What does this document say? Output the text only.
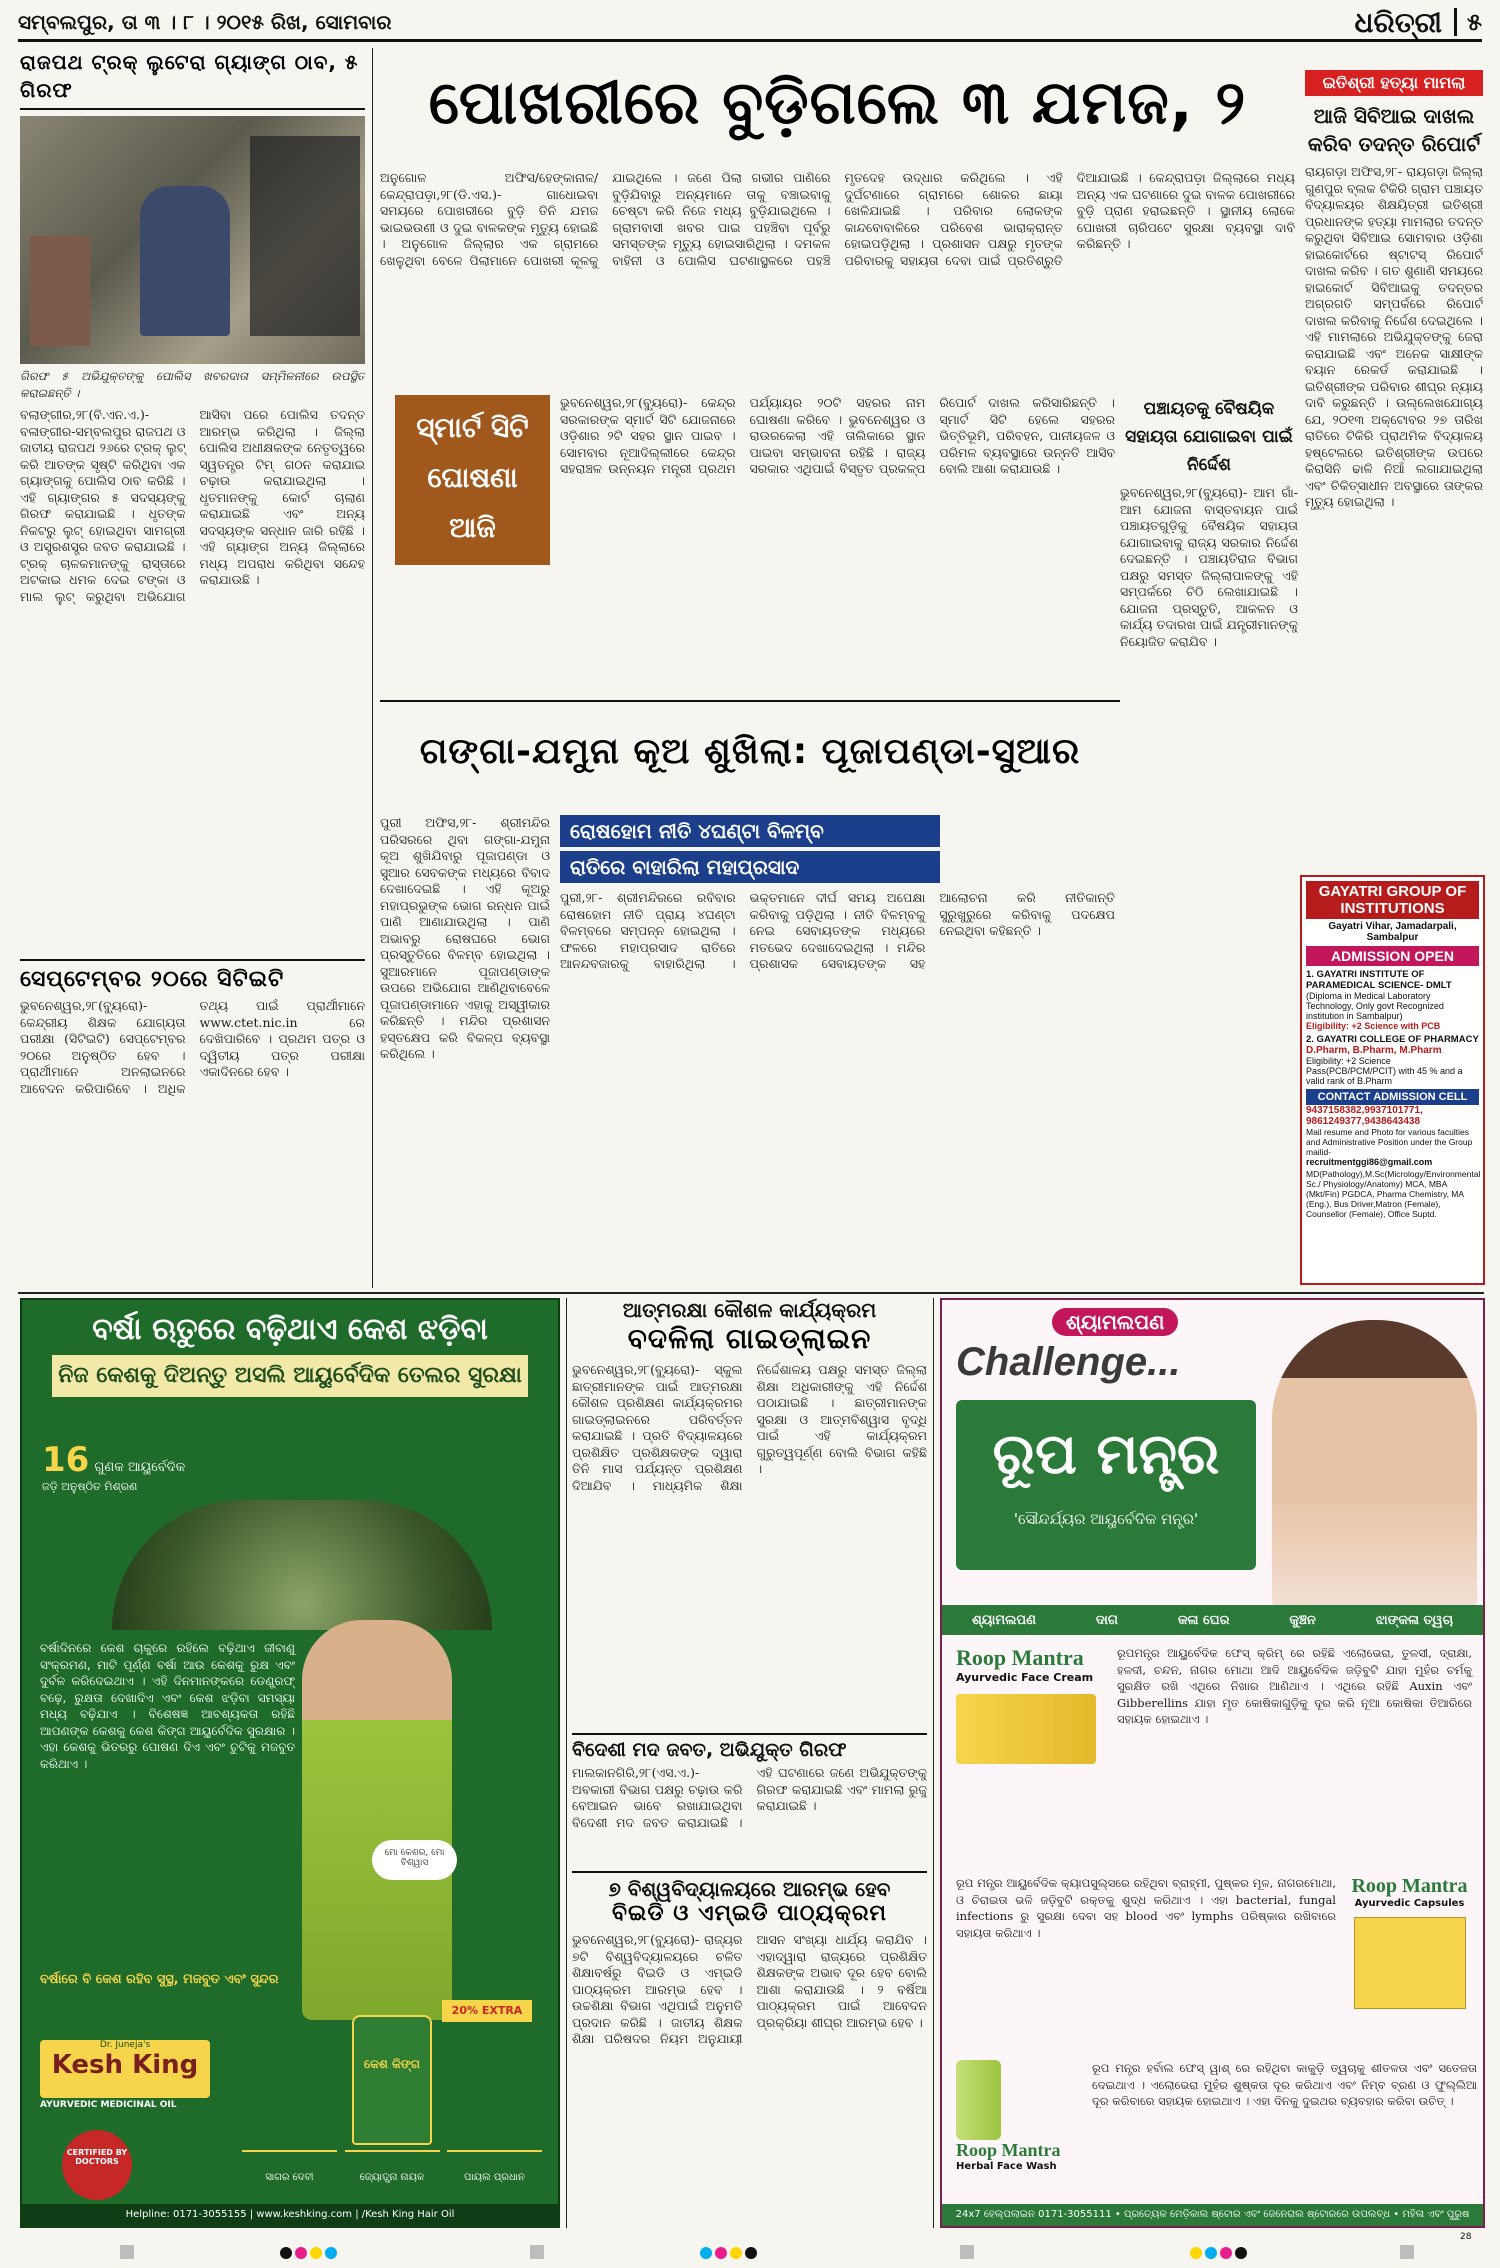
ସମ୍ବଲପୁର, ତା ୩ । ୮ । ୨୦୧୫ ରିଖ, ସୋମବାର	ଧରିତ୍ରୀ	୫
ରାଜପଥ ଟ୍ରକ୍ ଲୁଟେରା ଗ୍ୟାଙ୍ଗ ଠାବ, ୫ ଗିରଫ
ଗିରଫ ୫ ଅଭିଯୁକ୍ତଙ୍କୁ ପୋଲିସ ଖବରଦାତା ସମ୍ମିଳନୀରେ ଉପସ୍ଥିତ କରାଇଛନ୍ତି ।
ବଲାଙ୍ଗୀର,୨୮(ବି.ଏନ.ଏ.)- ବଳାଙ୍ଗୀର-ସମ୍ବଲପୁର ରାଜପଥ ଓ ଜାତୀୟ ରାଜପଥ ୨୬ରେ ଟ୍ରକ୍ ଲୁଟ୍ କରି ଆତଙ୍କ ସୃଷ୍ଟି କରିଥିବା ଏକ ଗ୍ୟାଙ୍ଗକୁ ପୋଲିସ ଠାବ କରିଛି । ଏହି ଗ୍ୟାଙ୍ଗର ୫ ସଦସ୍ୟଙ୍କୁ ଗିରଫ କରାଯାଇଛି । ଧୃତଙ୍କ ନିକଟରୁ ଲୁଟ୍ ହୋଇଥିବା ସାମଗ୍ରୀ ଓ ଅସ୍ତ୍ରଶସ୍ତ୍ର ଜବତ କରାଯାଇଛି । ଟ୍ରକ୍ ଚାଳକମାନଙ୍କୁ ରାସ୍ତାରେ ଅଟକାଇ ଧମକ ଦେଇ ଟଙ୍କା ଓ ମାଲ ଲୁଟ୍ କରୁଥିବା ଅଭିଯୋଗ ଆସିବା ପରେ ପୋଲିସ ତଦନ୍ତ ଆରମ୍ଭ କରିଥିଲା । ଜିଲ୍ଲା ପୋଲିସ ଅଧୀକ୍ଷକଙ୍କ ନେତୃତ୍ୱରେ ସ୍ୱତନ୍ତ୍ର ଟିମ୍ ଗଠନ କରାଯାଇ ଚଢ଼ାଉ କରାଯାଇଥିଲା । ଧୃତମାନଙ୍କୁ କୋର୍ଟ ଚାଲାଣ କରାଯାଇଛି ଏବଂ ଅନ୍ୟ ସଦସ୍ୟଙ୍କ ସନ୍ଧାନ ଜାରି ରହିଛି । ଏହି ଗ୍ୟାଙ୍ଗ ଅନ୍ୟ ଜିଲ୍ଲାରେ ମଧ୍ୟ ଅପରାଧ କରିଥିବା ସନ୍ଦେହ କରାଯାଉଛି ।
ସେପ୍ଟେମ୍ବର ୨୦ରେ ସିଟିଇଟି
ଭୁବନେଶ୍ୱର,୨୮(ବ୍ୟୁରୋ)- କେନ୍ଦ୍ରୀୟ ଶିକ୍ଷକ ଯୋଗ୍ୟତା ପରୀକ୍ଷା (ସିଟିଇଟି) ସେପ୍ଟେମ୍ବର ୨୦ରେ ଅନୁଷ୍ଠିତ ହେବ । ପ୍ରାର୍ଥୀମାନେ ଅନଲାଇନରେ ଆବେଦନ କରିପାରିବେ । ଅଧିକ ତଥ୍ୟ ପାଇଁ ପ୍ରାର୍ଥୀମାନେ www.ctet.nic.in ରେ ଦେଖିପାରିବେ । ପ୍ରଥମ ପତ୍ର ଓ ଦ୍ୱିତୀୟ ପତ୍ର ପରୀକ୍ଷା ଏକାଦିନରେ ହେବ ।
ପୋଖରୀରେ ବୁଡ଼ିଗଲେ ୩ ଯମଜ, ୨
ଅନୁଗୋଳ ଅଫିସ/ହେଙ୍କାନାଳ/କେନ୍ଦ୍ରାପଡ଼ା,୨୮(ଡି.ଏସ.)- ଗାଧୋଇବା ସମୟରେ ପୋଖରୀରେ ବୁଡ଼ି ତିନି ଯମଜ ଭାଇଭଉଣୀ ଓ ଦୁଇ ବାଳକଙ୍କ ମୃତ୍ୟୁ ହୋଇଛି । ଅନୁଗୋଳ ଜିଲ୍ଲାର ଏକ ଗ୍ରାମରେ ଖେଳୁଥିବା ବେଳେ ପିଲାମାନେ ପୋଖରୀ କୂଳକୁ ଯାଇଥିଲେ । ଜଣେ ପିଲା ଗଭୀର ପାଣିରେ ବୁଡ଼ିଯିବାରୁ ଅନ୍ୟମାନେ ତାକୁ ବଞ୍ଚାଇବାକୁ ଚେଷ୍ଟା କରି ନିଜେ ମଧ୍ୟ ବୁଡ଼ିଯାଇଥିଲେ । ଗ୍ରାମବାସୀ ଖବର ପାଇ ପହଞ୍ଚିବା ପୂର୍ବରୁ ସମସ୍ତଙ୍କ ମୃତ୍ୟୁ ହୋଇସାରିଥିଲା । ଦମକଳ ବାହିନୀ ଓ ପୋଲିସ ଘଟଣାସ୍ଥଳରେ ପହଞ୍ଚି ମୃତଦେହ ଉଦ୍ଧାର କରିଥିଲେ । ଏହି ଦୁର୍ଘଟଣାରେ ଗ୍ରାମରେ ଶୋକର ଛାୟା ଖେଳିଯାଇଛି । ପରିବାର ଲୋକଙ୍କ କାନ୍ଦବୋବାଳିରେ ପରିବେଶ ଭାରାକ୍ରାନ୍ତ ହୋଇପଡ଼ିଥିଲା । ପ୍ରଶାସନ ପକ୍ଷରୁ ମୃତଙ୍କ ପରିବାରକୁ ସହାୟତା ଦେବା ପାଇଁ ପ୍ରତିଶ୍ରୁତି ଦିଆଯାଇଛି । କେନ୍ଦ୍ରାପଡ଼ା ଜିଲ୍ଲାରେ ମଧ୍ୟ ଅନ୍ୟ ଏକ ଘଟଣାରେ ଦୁଇ ବାଳକ ପୋଖରୀରେ ବୁଡ଼ି ପ୍ରାଣ ହରାଇଛନ୍ତି । ସ୍ଥାନୀୟ ଲୋକେ ପୋଖରୀ ଚାରିପଟେ ସୁରକ୍ଷା ବ୍ୟବସ୍ଥା ଦାବି କରିଛନ୍ତି ।
ସ୍ମାର୍ଟ ସିଟି ଘୋଷଣା ଆଜି
ଭୁବନେଶ୍ୱର,୨୮(ବ୍ୟୁରୋ)- କେନ୍ଦ୍ର ସରକାରଙ୍କ ସ୍ମାର୍ଟ ସିଟି ଯୋଜନାରେ ଓଡ଼ିଶାର ୨ଟି ସହର ସ୍ଥାନ ପାଇବ । ସୋମବାର ନୂଆଦିଲ୍ଲୀରେ କେନ୍ଦ୍ର ସହରାଞ୍ଚଳ ଉନ୍ନୟନ ମନ୍ତ୍ରୀ ପ୍ରଥମ ପର୍ଯ୍ୟାୟର ୨୦ଟି ସହରର ନାମ ଘୋଷଣା କରିବେ । ଭୁବନେଶ୍ୱର ଓ ରାଉରକେଲା ଏହି ତାଲିକାରେ ସ୍ଥାନ ପାଇବା ସମ୍ଭାବନା ରହିଛି । ରାଜ୍ୟ ସରକାର ଏଥିପାଇଁ ବିସ୍ତୃତ ପ୍ରକଳ୍ପ ରିପୋର୍ଟ ଦାଖଲ କରିସାରିଛନ୍ତି । ସ୍ମାର୍ଟ ସିଟି ହେଲେ ସହରର ଭିତ୍ତିଭୂମି, ପରିବହନ, ପାନୀୟଜଳ ଓ ପରିମଳ ବ୍ୟବସ୍ଥାରେ ଉନ୍ନତି ଆସିବ ବୋଲି ଆଶା କରାଯାଉଛି ।
ପଞ୍ଚାୟତକୁ ବୈଷୟିକ ସହାୟତା ଯୋଗାଇବା ପାଇଁ ନିର୍ଦ୍ଦେଶ
ଭୁବନେଶ୍ୱର,୨୮(ବ୍ୟୁରୋ)- ଆମ ଗାଁ-ଆମ ଯୋଜନା ବାସ୍ତବାୟନ ପାଇଁ ପଞ୍ଚାୟତଗୁଡ଼ିକୁ ବୈଷୟିକ ସହାୟତା ଯୋଗାଇବାକୁ ରାଜ୍ୟ ସରକାର ନିର୍ଦ୍ଦେଶ ଦେଇଛନ୍ତି । ପଞ୍ଚାୟତିରାଜ ବିଭାଗ ପକ୍ଷରୁ ସମସ୍ତ ଜିଲ୍ଲାପାଳଙ୍କୁ ଏହି ସମ୍ପର୍କରେ ଚିଠି ଲେଖାଯାଇଛି । ଯୋଜନା ପ୍ରସ୍ତୁତି, ଆକଳନ ଓ କାର୍ଯ୍ୟ ତଦାରଖ ପାଇଁ ଯନ୍ତ୍ରୀମାନଙ୍କୁ ନିୟୋଜିତ କରାଯିବ ।
ଗଙ୍ଗା-ଯମୁନା କୂଅ ଶୁଖିଲା: ପୂଜାପଣ୍ଡା-ସୁଆର
ପୁରୀ ଅଫିସ,୨୮- ଶ୍ରୀମନ୍ଦିର ପରିସରରେ ଥିବା ଗଙ୍ଗା-ଯମୁନା କୂଅ ଶୁଖିଯିବାରୁ ପୂଜାପଣ୍ଡା ଓ ସୁଆର ସେବକଙ୍କ ମଧ୍ୟରେ ବିବାଦ ଦେଖାଦେଇଛି । ଏହି କୂଅରୁ ମହାପ୍ରଭୁଙ୍କ ଭୋଗ ରନ୍ଧନ ପାଇଁ ପାଣି ଆଣାଯାଉଥିଲା । ପାଣି ଅଭାବରୁ ରୋଷଘରେ ଭୋଗ ପ୍ରସ୍ତୁତିରେ ବିଳମ୍ବ ହୋଇଥିଲା । ସୁଆରମାନେ ପୂଜାପଣ୍ଡାଙ୍କ ଉପରେ ଅଭିଯୋଗ ଆଣିଥିବାବେଳେ ପୂଜାପଣ୍ଡାମାନେ ଏହାକୁ ଅସ୍ୱୀକାର କରିଛନ୍ତି । ମନ୍ଦିର ପ୍ରଶାସନ ହସ୍ତକ୍ଷେପ କରି ବିକଳ୍ପ ବ୍ୟବସ୍ଥା କରିଥିଲେ ।
ରୋଷହୋମ ନୀତି ୪ଘଣ୍ଟା ବିଳମ୍ବ
ରାତିରେ ବାହାରିଲା ମହାପ୍ରସାଦ
ପୁରୀ,୨୮- ଶ୍ରୀମନ୍ଦିରରେ ରବିବାର ରୋଷହୋମ ନୀତି ପ୍ରାୟ ୪ଘଣ୍ଟା ବିଳମ୍ବରେ ସମ୍ପନ୍ନ ହୋଇଥିଲା । ଫଳରେ ମହାପ୍ରସାଦ ରାତିରେ ଆନନ୍ଦବଜାରକୁ ବାହାରିଥିଲା । ଭକ୍ତମାନେ ଦୀର୍ଘ ସମୟ ଅପେକ୍ଷା କରିବାକୁ ପଡ଼ିଥିଲା । ନୀତି ବିଳମ୍ବକୁ ନେଇ ସେବାୟତଙ୍କ ମଧ୍ୟରେ ମତଭେଦ ଦେଖାଦେଇଥିଲା । ମନ୍ଦିର ପ୍ରଶାସକ ସେବାୟତଙ୍କ ସହ ଆଲୋଚନା କରି ନୀତିକାନ୍ତି ସୁରୁଖୁରୁରେ କରିବାକୁ ପଦକ୍ଷେପ ନେଇଥିବା କହିଛନ୍ତି ।
ଇତିଶ୍ରୀ ହତ୍ୟା ମାମଲା
ଆଜି ସିବିଆଇ ଦାଖଲ କରିବ ତଦନ୍ତ ରିପୋର୍ଟ
ରାୟଗଡ଼ା ଅଫିସ,୨୮- ରାୟଗଡ଼ା ଜିଲ୍ଲା ଗୁଣପୁର ବ୍ଲକ ଟିକିରି ଗ୍ରାମ ପଞ୍ଚାୟତ ବିଦ୍ୟାଳୟର ଶିକ୍ଷୟିତ୍ରୀ ଇତିଶ୍ରୀ ପ୍ରଧାନଙ୍କ ହତ୍ୟା ମାମଲାର ତଦନ୍ତ କରୁଥିବା ସିବିଆଇ ସୋମବାର ଓଡ଼ିଶା ହାଇକୋର୍ଟରେ ଷ୍ଟାଟସ୍ ରିପୋର୍ଟ ଦାଖଲ କରିବ । ଗତ ଶୁଣାଣି ସମୟରେ ହାଇକୋର୍ଟ ସିବିଆଇକୁ ତଦନ୍ତର ଅଗ୍ରଗତି ସମ୍ପର୍କରେ ରିପୋର୍ଟ ଦାଖଲ କରିବାକୁ ନିର୍ଦ୍ଦେଶ ଦେଇଥିଲେ । ଏହି ମାମଲାରେ ଅଭିଯୁକ୍ତଙ୍କୁ ଜେରା କରାଯାଇଛି ଏବଂ ଅନେକ ସାକ୍ଷୀଙ୍କ ବୟାନ ରେକର୍ଡ କରାଯାଇଛି । ଇତିଶ୍ରୀଙ୍କ ପରିବାର ଶୀଘ୍ର ନ୍ୟାୟ ଦାବି କରୁଛନ୍ତି । ଉଲ୍ଲେଖଯୋଗ୍ୟ ଯେ, ୨୦୧୩ ଅକ୍ଟୋବର ୨୭ ତାରିଖ ରାତିରେ ଟିକିରି ପ୍ରାଥମିକ ବିଦ୍ୟାଳୟ ହଷ୍ଟେଲରେ ଇତିଶ୍ରୀଙ୍କ ଉପରେ କିରାସିନି ଢାଳି ନିଆଁ ଲଗାଯାଇଥିଲା ଏବଂ ଚିକିତ୍ସାଧୀନ ଅବସ୍ଥାରେ ତାଙ୍କର ମୃତ୍ୟୁ ହୋଇଥିଲା ।
GAYATRI GROUP OF INSTITUTIONS
Gayatri Vihar, Jamadarpali, Sambalpur
ADMISSION OPEN
1. GAYATRI INSTITUTE OF PARAMEDICAL SCIENCE- DMLT
(Diploma in Medical Laboratory Technology, Only govt Recognized institution in Sambalpur)
Eligibility: +2 Science with PCB
2. GAYATRI COLLEGE OF PHARMACY
D.Pharm, B.Pharm, M.Pharm
Eligibility: +2 Science Pass(PCB/PCM/PCIT) with 45 % and a valid rank of B.Pharm
CONTACT ADMISSION CELL
9437158382,9937101771, 9861249377,9438643438
Mail resume and Photo for various faculties and Administrative Position under the Group mailid-
recruitmentggi86@gmail.com
MD(Pathology),M.Sc(Micrology/Environmental Sc./ Physiology/Anatomy) MCA, MBA (Mkt/Fin) PGDCA, Pharma Chemistry, MA (Eng.), Bus Driver,Matron (Female), Counsellor (Female), Office Suptd.
ବର୍ଷା ଋତୁରେ ବଢ଼ିଥାଏ କେଶ ଝଡ଼ିବା
ନିଜ କେଶକୁ ଦିଅନ୍ତୁ ଅସଲି ଆୟୁର୍ବେଦିକ ତେଲର ସୁରକ୍ଷା
16 ଗୁଣକ ଆୟୁର୍ବେଦିକ
ଜଡ଼ି ଅନୁଷ୍ଠିତ ମିଶ୍ରଣ
ମୋ କେଶର, ମୋ ବିଶ୍ୱାସ
ବର୍ଷାଦିନରେ କେଶ ଚାକୁରେ ରହିଲେ ବଢ଼ିଥାଏ ଜୀବାଣୁ ସଂକ୍ରମଣ, ମାଟି ପୂର୍ଣ୍ଣ ବର୍ଷା ଆଉ କେଶକୁ ରୁକ୍ଷ ଏବଂ ଦୁର୍ବଳ କରିଦେଇଥାଏ । ଏହି ଦିନମାନଙ୍କରେ ଡେଣ୍ଡ୍ରଫ୍ ବଢ଼େ, ରୁକ୍ଷତା ଦେଖାଦିଏ ଏବଂ କେଶ ଝଡ଼ିବା ସମସ୍ୟା ମଧ୍ୟ ବଢ଼ିଯାଏ । ବିଶେଷଜ୍ଞ ଆବଶ୍ୟକତା ରହିଛି ଆପଣଙ୍କ କେଶକୁ କେଶ କିଙ୍ଗ ଆୟୁର୍ବେଦିକ ସୁରକ୍ଷାର । ଏହା କେଶକୁ ଭିତରରୁ ପୋଷଣ ଦିଏ ଏବଂ ଚୁଟିକୁ ମଜବୁତ କରିଥାଏ ।
ବର୍ଷାରେ ବି କେଶ ରହିବ ସୁସ୍ଥ, ମଜବୁତ ଏବଂ ସୁନ୍ଦର
Dr. Juneja's
Kesh King
AYURVEDIC MEDICINAL OIL
CERTIFIED BY DOCTORS
କେଶ କିଙ୍ଗ
20% EXTRA
ସାଗର ଦେବୀ	ଜ୍ୟୋତ୍ସ୍ନା ନାୟକ	ପାୟଲ ପ୍ରଧାନ
Helpline: 0171-3055155 | www.keshking.com | /Kesh King Hair Oil
ଆତ୍ମରକ୍ଷା କୌଶଳ କାର୍ଯ୍ୟକ୍ରମ
ବଦଳିଲା ଗାଇଡ୍ଲାଇନ
ଭୁବନେଶ୍ୱର,୨୮(ବ୍ୟୁରୋ)- ସ୍କୁଲ ଛାତ୍ରୀମାନଙ୍କ ପାଇଁ ଆତ୍ମରକ୍ଷା କୌଶଳ ପ୍ରଶିକ୍ଷଣ କାର୍ଯ୍ୟକ୍ରମର ଗାଇଡ୍ଲାଇନରେ ପରିବର୍ତ୍ତନ କରାଯାଇଛି । ପ୍ରତି ବିଦ୍ୟାଳୟରେ ପ୍ରଶିକ୍ଷିତ ପ୍ରଶିକ୍ଷକଙ୍କ ଦ୍ୱାରା ତିନି ମାସ ପର୍ଯ୍ୟନ୍ତ ପ୍ରଶିକ୍ଷଣ ଦିଆଯିବ । ମାଧ୍ୟମିକ ଶିକ୍ଷା ନିର୍ଦ୍ଦେଶାଳୟ ପକ୍ଷରୁ ସମସ୍ତ ଜିଲ୍ଲା ଶିକ୍ଷା ଅଧିକାରୀଙ୍କୁ ଏହି ନିର୍ଦ୍ଦେଶ ପଠାଯାଇଛି । ଛାତ୍ରୀମାନଙ୍କ ସୁରକ୍ଷା ଓ ଆତ୍ମବିଶ୍ୱାସ ବୃଦ୍ଧି ପାଇଁ ଏହି କାର୍ଯ୍ୟକ୍ରମ ଗୁରୁତ୍ୱପୂର୍ଣ୍ଣ ବୋଲି ବିଭାଗ କହିଛି ।
ବିଦେଶୀ ମଦ ଜବତ, ଅଭିଯୁକ୍ତ ଗିରଫ
ମାଲକାନଗିରି,୨୮(ଏସ.ଏ.)- ଅବକାରୀ ବିଭାଗ ପକ୍ଷରୁ ଚଢ଼ାଉ କରି ବେଆଇନ ଭାବେ ରଖାଯାଇଥିବା ବିଦେଶୀ ମଦ ଜବତ କରାଯାଇଛି । ଏହି ଘଟଣାରେ ଜଣେ ଅଭିଯୁକ୍ତଙ୍କୁ ଗିରଫ କରାଯାଇଛି ଏବଂ ମାମଲା ରୁଜୁ କରାଯାଇଛି ।
୭ ବିଶ୍ୱବିଦ୍ୟାଳୟରେ ଆରମ୍ଭ ହେବ
ବିଇଡି ଓ ଏମ୍ଇଡି ପାଠ୍ୟକ୍ରମ
ଭୁବନେଶ୍ୱର,୨୮(ବ୍ୟୁରୋ)- ରାଜ୍ୟର ୭ଟି ବିଶ୍ୱବିଦ୍ୟାଳୟରେ ଚଳିତ ଶିକ୍ଷାବର୍ଷରୁ ବିଇଡି ଓ ଏମ୍ଇଡି ପାଠ୍ୟକ୍ରମ ଆରମ୍ଭ ହେବ । ଉଚ୍ଚଶିକ୍ଷା ବିଭାଗ ଏଥିପାଇଁ ଅନୁମତି ପ୍ରଦାନ କରିଛି । ଜାତୀୟ ଶିକ୍ଷକ ଶିକ୍ଷା ପରିଷଦର ନିୟମ ଅନୁଯାୟୀ ଆସନ ସଂଖ୍ୟା ଧାର୍ଯ୍ୟ କରାଯିବ । ଏହାଦ୍ୱାରା ରାଜ୍ୟରେ ପ୍ରଶିକ୍ଷିତ ଶିକ୍ଷକଙ୍କ ଅଭାବ ଦୂର ହେବ ବୋଲି ଆଶା କରାଯାଉଛି । ୨ ବର୍ଷିଆ ପାଠ୍ୟକ୍ରମ ପାଇଁ ଆବେଦନ ପ୍ରକ୍ରିୟା ଶୀଘ୍ର ଆରମ୍ଭ ହେବ ।
ଶ୍ୟାମଲପଣ
Challenge...
ରୂପ ମନ୍ତ୍ର
'ସୌନ୍ଦର୍ଯ୍ୟର ଆୟୁର୍ବେଦିକ ମନ୍ତ୍ର'
ଶ୍ୟାମଲପଣ	ଦାଗ	କଳା ଘେର	କୁଞ୍ଚନ	ଝାଙ୍କଳା ତ୍ୱଚା
Roop Mantra
Ayurvedic Face Cream
ରୂପମନ୍ତ୍ର ଆୟୁର୍ବେଦିକ ଫେସ୍ କ୍ରିମ୍ ରେ ରହିଛି ଏଲୋଭେରା, ତୁଳସୀ, ଦ୍ରାକ୍ଷା, ହଳଦୀ, ଚନ୍ଦନ, ନାଗର ମୋଥା ଆଦି ଆୟୁର୍ବେଦିକ ଜଡ଼ିବୁଟି ଯାହା ମୁହଁର ଚର୍ମକୁ ସୁରକ୍ଷିତ ରଖି ଏଥିରେ ନିଖାର ଆଣିଥାଏ । ଏଥିରେ ରହିଛି Auxin ଏବଂ Gibberellins ଯାହା ମୃତ କୋଷିକାଗୁଡ଼ିକୁ ଦୂର କରି ନୂଆ କୋଷିକା ତିଆରିରେ ସହାୟକ ହୋଇଥାଏ ।
ରୂପ ମନ୍ତ୍ର ଆୟୁର୍ବେଦିକ କ୍ୟାପସୁଲ୍ସରେ ରହିଥିବା ବ୍ରାହ୍ମୀ, ପୁଷ୍କର ମୂଳ, ନାଗରମୋଥା, ଓ ଚିରାଇତା ଭଳି ଜଡ଼ିବୁଟି ରକ୍ତକୁ ଶୁଦ୍ଧ କରିଥାଏ । ଏହା bacterial, fungal infections ରୁ ସୁରକ୍ଷା ଦେବା ସହ blood ଏବଂ lymphs ପରିଷ୍କାର ରଖିବାରେ ସହାୟତା କରିଥାଏ ।
Roop Mantra
Ayurvedic Capsules
Roop Mantra
Herbal Face Wash
ରୂପ ମନ୍ତ୍ର ହର୍ବାଲ ଫେସ୍ ୱାଶ୍ ରେ ରହିଥିବା କାକୁଡ଼ି ତ୍ୱଚାକୁ ଶୀତଳତା ଏବଂ ସତେଜତା ଦେଇଥାଏ । ଏଲୋଭେରା ମୁହଁର ଶୁଷ୍କତା ଦୂର କରିଥାଏ ଏବଂ ନିମ୍ବ ବ୍ରଣ ଓ ଫୁଲ୍ଲିଆ ଦୂର କରିବାରେ ସହାୟକ ହୋଇଥାଏ । ଏହା ଦିନକୁ ଦୁଇଥର ବ୍ୟବହାର କରିବା ଉଚିତ୍ ।
24x7 ହେଲ୍ପଲାଇନ 0171-3055111 • ପ୍ରତ୍ୟେକ ମେଡ଼ିକାଲ ଷ୍ଟୋର ଏବଂ ଜେନେରାଲ ଷ୍ଟୋରରେ ଉପଲବ୍ଧ • ମହିଳା ଏବଂ ପୁରୁଷ
28
